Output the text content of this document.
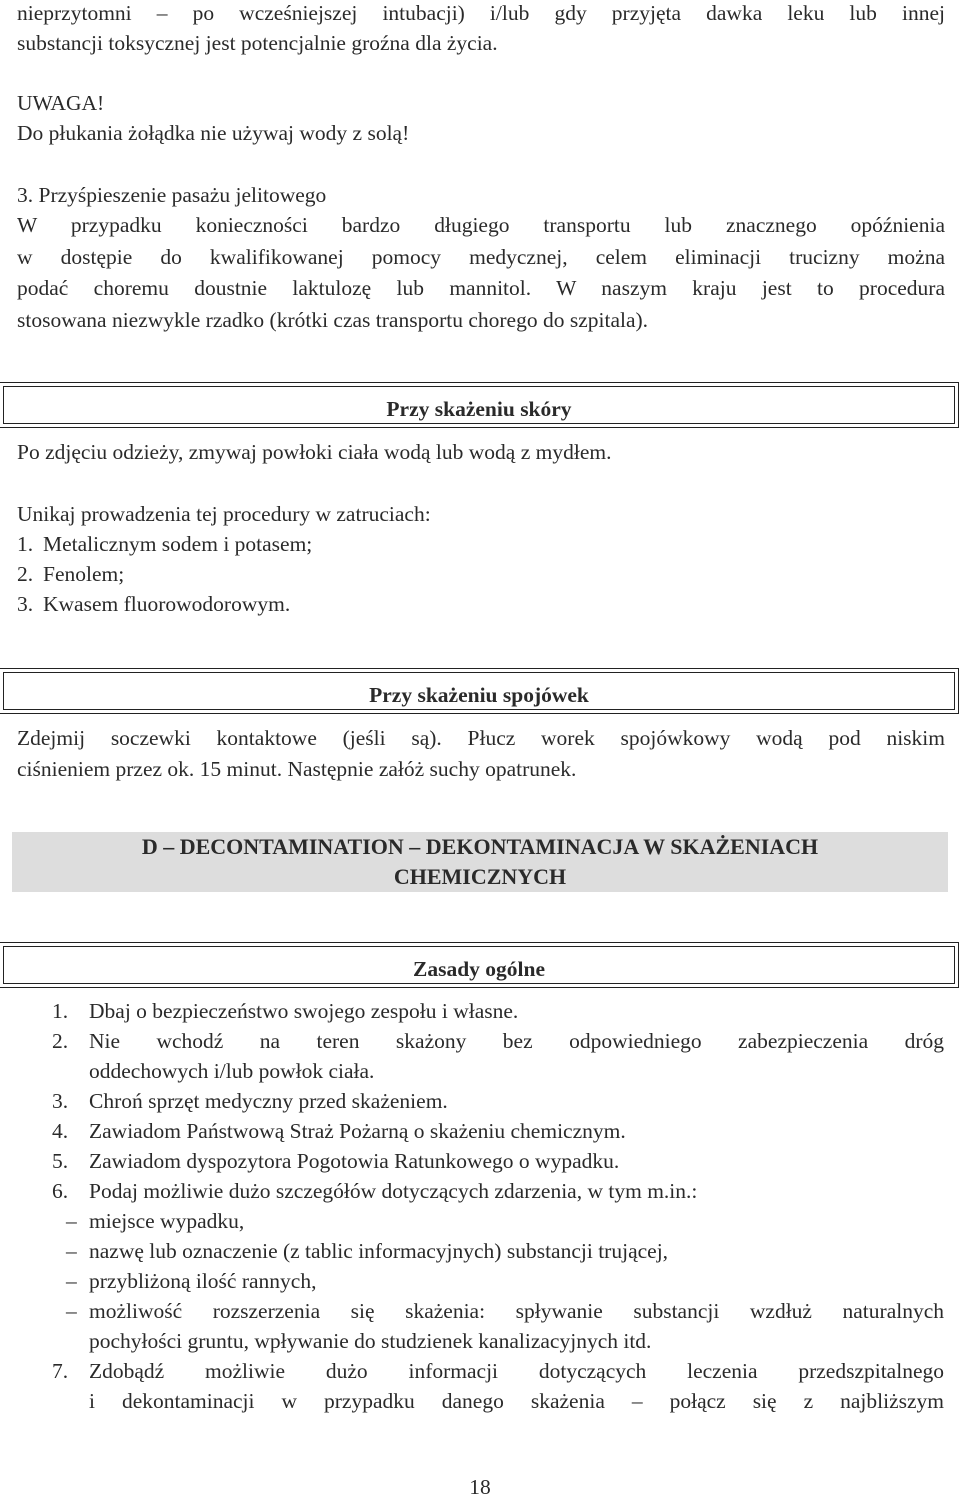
nieprzytomni – po wcześniejszej intubacji) i/lub gdy przyjęta dawka leku lub innej

substancji toksycznej jest potencjalnie groźna dla życia.

UWAGA!

Do płukania żołądka nie używaj wody z solą!

3. Przyśpieszenie pasażu jelitowego

W przypadku konieczności bardzo długiego transportu lub znacznego opóźnienia

w dostępie do kwalifikowanej pomocy medycznej, celem eliminacji trucizny można

podać choremu doustnie laktulozę lub mannitol. W naszym kraju jest to procedura

stosowana niezwykle rzadko (krótki czas transportu chorego do szpitala).

Przy skażeniu skóry

Po zdjęciu odzieży, zmywaj powłoki ciała wodą lub wodą z mydłem.

Unikaj prowadzenia tej procedury w zatruciach:

1. Metalicznym sodem i potasem;
2. Fenolem;
3. Kwasem fluorowodorowym.
Przy skażeniu spojówek

Zdejmij soczewki kontaktowe (jeśli są). Płucz worek spojówkowy wodą pod niskim

ciśnieniem przez ok. 15 minut. Następnie załóż suchy opatrunek.

D – DECONTAMINATION – DEKONTAMINACJA W SKAŻENIACH
CHEMICZNYCH
Zasady ogólne
1. Dbaj o bezpieczeństwo swojego zespołu i własne.
2. Nie wchodź na teren skażony bez odpowiedniego zabezpieczenia dróg
oddechowych i/lub powłok ciała.
3. Chroń sprzęt medyczny przed skażeniem.
4. Zawiadom Państwową Straż Pożarną o skażeniu chemicznym.
5. Zawiadom dyspozytora Pogotowia Ratunkowego o wypadku.
6. Podaj możliwie dużo szczegółów dotyczących zdarzenia, w tym m.in.:
– miejsce wypadku,
– nazwę lub oznaczenie (z tablic informacyjnych) substancji trującej,
– przybliżoną ilość rannych,
– możliwość rozszerzenia się skażenia: spływanie substancji wzdłuż naturalnych
pochyłości gruntu, wpływanie do studzienek kanalizacyjnych itd.
7. Zdobądź możliwie dużo informacji dotyczących leczenia przedszpitalnego
i dekontaminacji w przypadku danego skażenia – połącz się z najbliższym
18
